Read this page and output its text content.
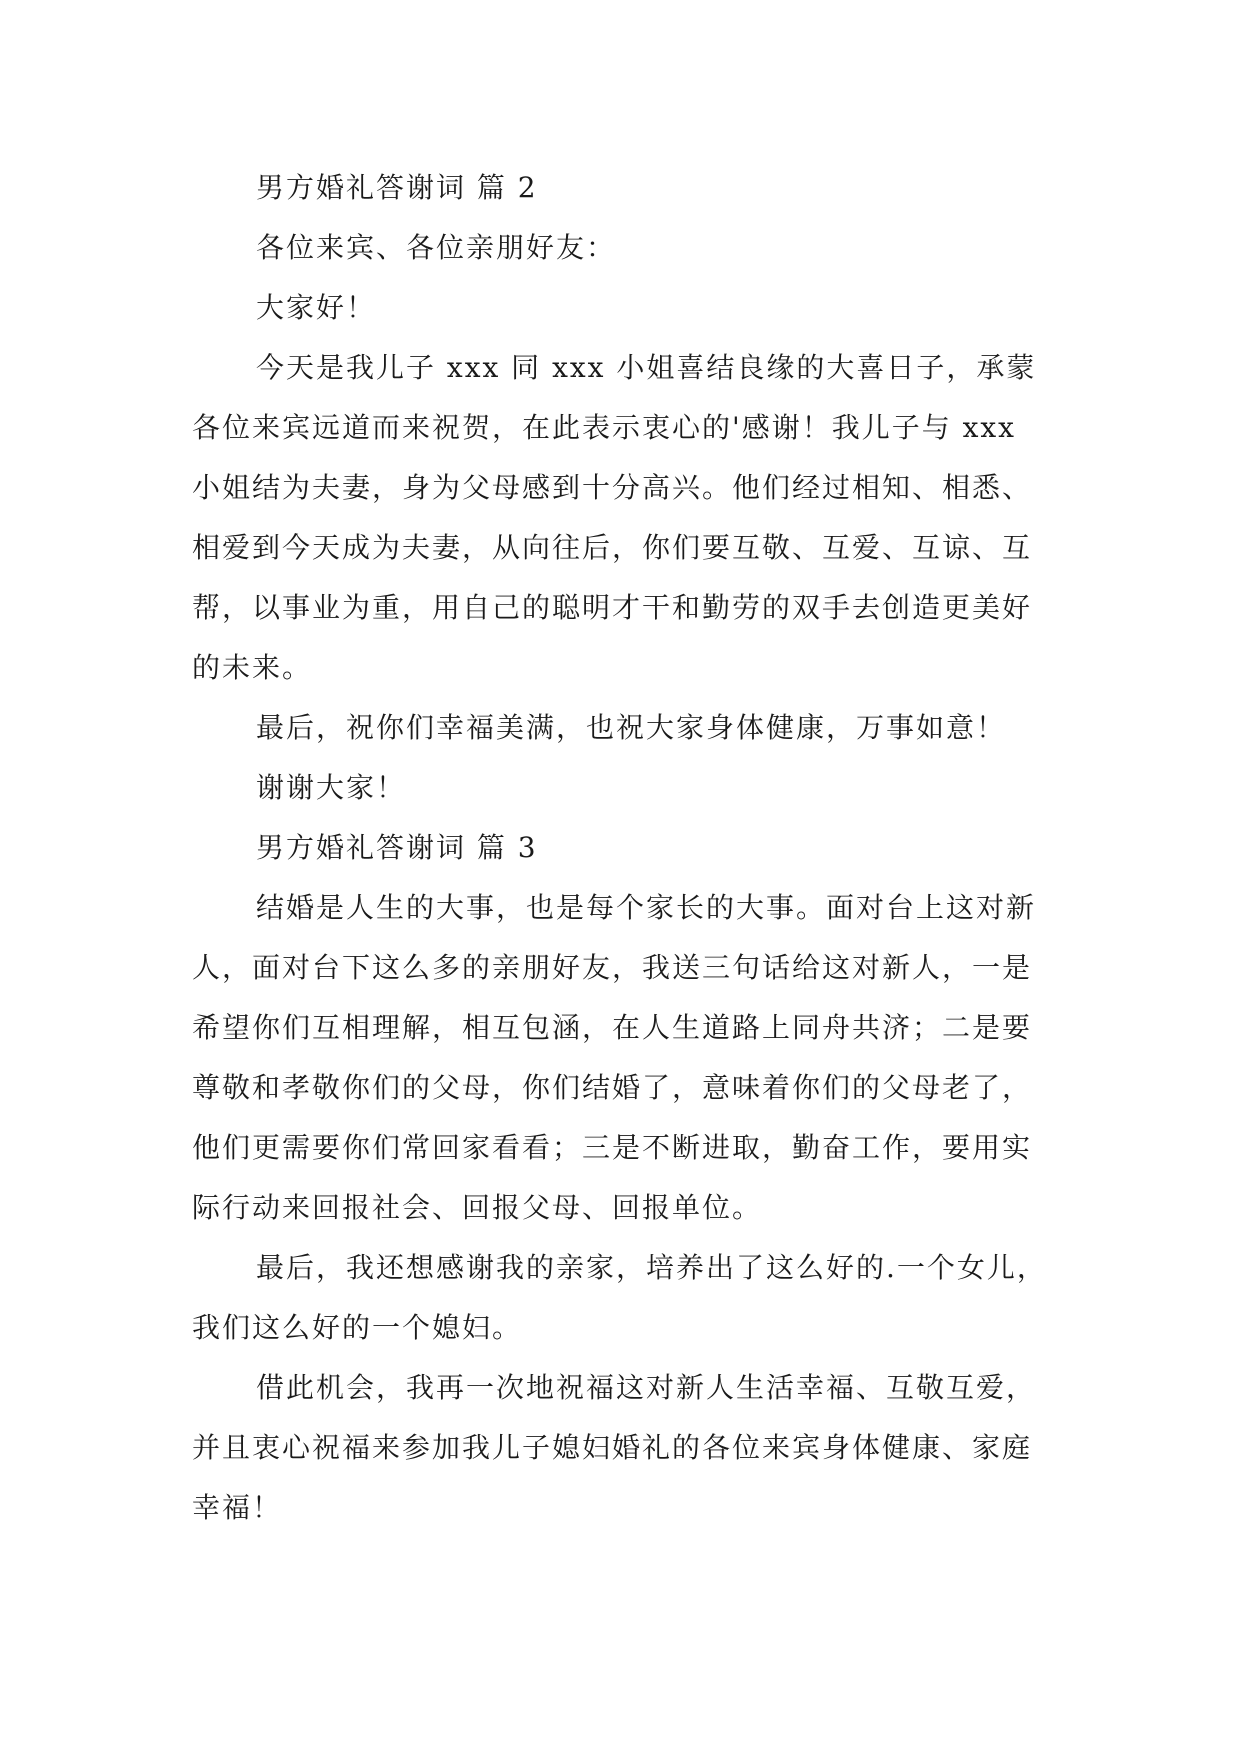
男方婚礼答谢词 篇 2

各位来宾、各位亲朋好友：

大家好！

今天是我儿子 xxx 同 xxx 小姐喜结良缘的大喜日子，承蒙各位来宾远道而来祝贺，在此表示衷心的'感谢！我儿子与 xxx 小姐结为夫妻，身为父母感到十分高兴。他们经过相知、相悉、相爱到今天成为夫妻，从向往后，你们要互敬、互爱、互谅、互帮，以事业为重，用自己的聪明才干和勤劳的双手去创造更美好的未来。

最后，祝你们幸福美满，也祝大家身体健康，万事如意！

谢谢大家！

男方婚礼答谢词 篇 3

结婚是人生的大事，也是每个家长的大事。面对台上这对新人，面对台下这么多的亲朋好友，我送三句话给这对新人，一是希望你们互相理解，相互包涵，在人生道路上同舟共济；二是要尊敬和孝敬你们的父母，你们结婚了，意味着你们的父母老了，他们更需要你们常回家看看；三是不断进取，勤奋工作，要用实际行动来回报社会、回报父母、回报单位。

最后，我还想感谢我的亲家，培养出了这么好的.一个女儿，我们这么好的一个媳妇。

借此机会，我再一次地祝福这对新人生活幸福、互敬互爱，并且衷心祝福来参加我儿子媳妇婚礼的各位来宾身体健康、家庭幸福！
